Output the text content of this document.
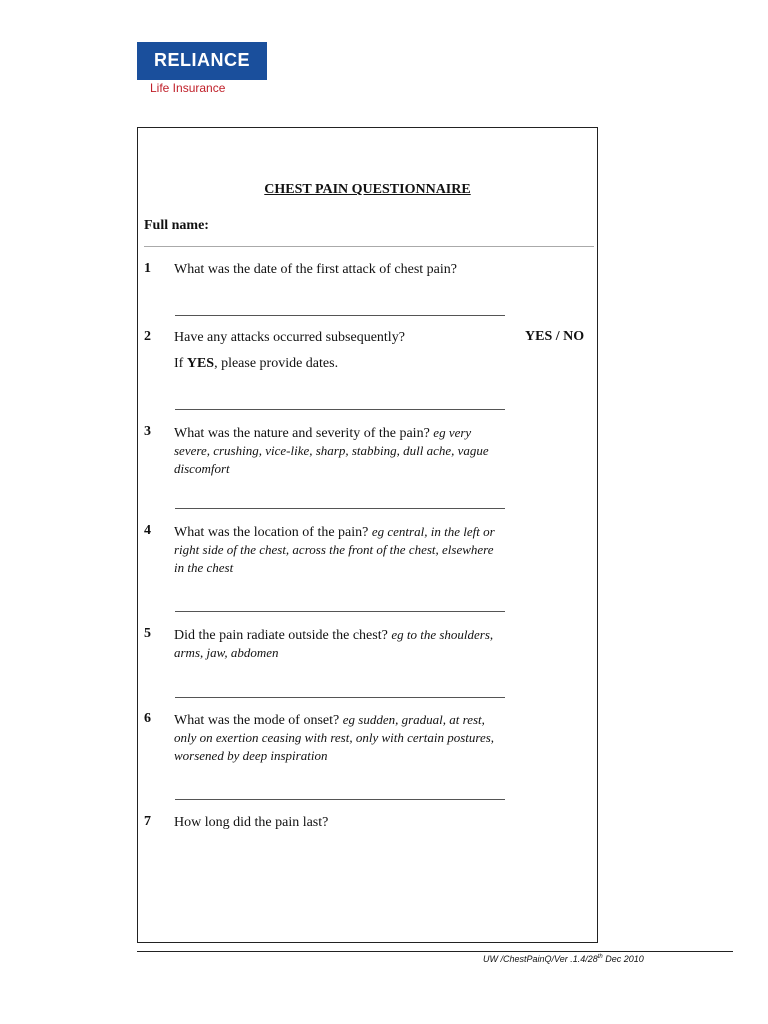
RELIANCE
Life Insurance
CHEST PAIN QUESTIONNAIRE
Full name:
1 What was the date of the first attack of chest pain?
2 Have any attacks occurred subsequently?	YES / NO
If YES, please provide dates.
3 What was the nature and severity of the pain? eg very severe, crushing, vice-like, sharp, stabbing, dull ache, vague discomfort
4 What was the location of the pain? eg central, in the left or right side of the chest, across the front of the chest, elsewhere in the chest
5 Did the pain radiate outside the chest? eg to the shoulders, arms, jaw, abdomen
6 What was the mode of onset? eg sudden, gradual, at rest, only on exertion ceasing with rest, only with certain postures, worsened by deep inspiration
7 How long did the pain last?
UW /ChestPainQ/Ver .1.4/28th Dec 2010
